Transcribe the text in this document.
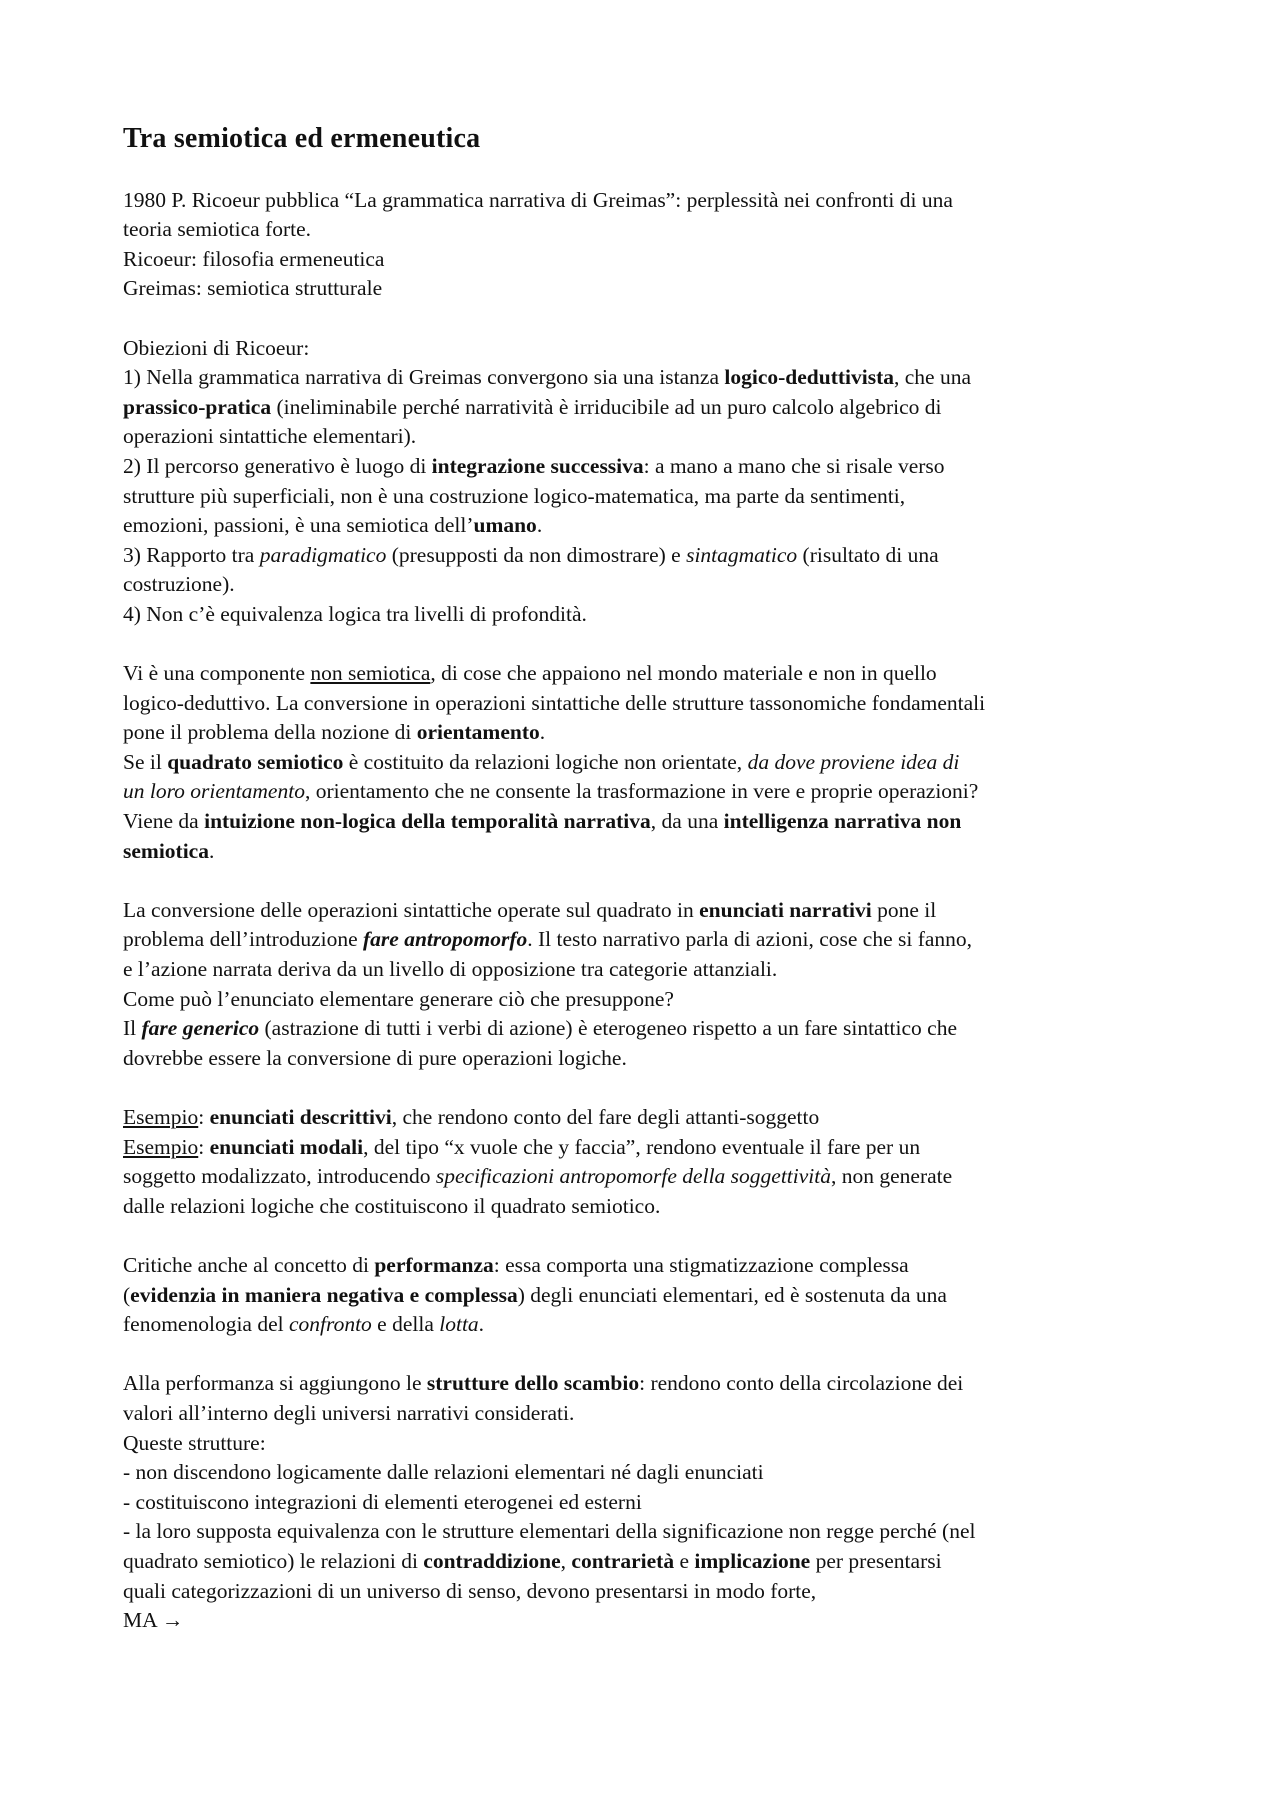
Tra semiotica ed ermeneutica
1980 P. Ricoeur pubblica “La grammatica narrativa di Greimas”: perplessità nei confronti di una
teoria semiotica forte.
Ricoeur: filosofia ermeneutica
Greimas: semiotica strutturale
Obiezioni di Ricoeur:
1) Nella grammatica narrativa di Greimas convergono sia una istanza logico-deduttivista, che una
prassico-pratica (ineliminabile perché narratività è irriducibile ad un puro calcolo algebrico di
operazioni sintattiche elementari).
2) Il percorso generativo è luogo di integrazione successiva: a mano a mano che si risale verso
strutture più superficiali, non è una costruzione logico-matematica, ma parte da sentimenti,
emozioni, passioni, è una semiotica dell’umano.
3) Rapporto tra paradigmatico (presupposti da non dimostrare) e sintagmatico (risultato di una
costruzione).
4) Non c’è equivalenza logica tra livelli di profondità.
Vi è una componente non semiotica, di cose che appaiono nel mondo materiale e non in quello
logico-deduttivo. La conversione in operazioni sintattiche delle strutture tassonomiche fondamentali
pone il problema della nozione di orientamento.
Se il quadrato semiotico è costituito da relazioni logiche non orientate, da dove proviene idea di
un loro orientamento, orientamento che ne consente la trasformazione in vere e proprie operazioni?
Viene da intuizione non-logica della temporalità narrativa, da una intelligenza narrativa non
semiotica.
La conversione delle operazioni sintattiche operate sul quadrato in enunciati narrativi pone il
problema dell’introduzione fare antropomorfo. Il testo narrativo parla di azioni, cose che si fanno,
e l’azione narrata deriva da un livello di opposizione tra categorie attanziali.
Come può l’enunciato elementare generare ciò che presuppone?
Il fare generico (astrazione di tutti i verbi di azione) è eterogeneo rispetto a un fare sintattico che
dovrebbe essere la conversione di pure operazioni logiche.
Esempio: enunciati descrittivi, che rendono conto del fare degli attanti-soggetto
Esempio: enunciati modali, del tipo “x vuole che y faccia”, rendono eventuale il fare per un
soggetto modalizzato, introducendo specificazioni antropomorfe della soggettività, non generate
dalle relazioni logiche che costituiscono il quadrato semiotico.
Critiche anche al concetto di performanza: essa comporta una stigmatizzazione complessa
(evidenzia in maniera negativa e complessa) degli enunciati elementari, ed è sostenuta da una
fenomenologia del confronto e della lotta.
Alla performanza si aggiungono le strutture dello scambio: rendono conto della circolazione dei
valori all’interno degli universi narrativi considerati.
Queste strutture:
- non discendono logicamente dalle relazioni elementari né dagli enunciati
- costituiscono integrazioni di elementi eterogenei ed esterni
- la loro supposta equivalenza con le strutture elementari della significazione non regge perché (nel
quadrato semiotico) le relazioni di contraddizione, contrarietà e implicazione per presentarsi
quali categorizzazioni di un universo di senso, devono presentarsi in modo forte,
MA →
